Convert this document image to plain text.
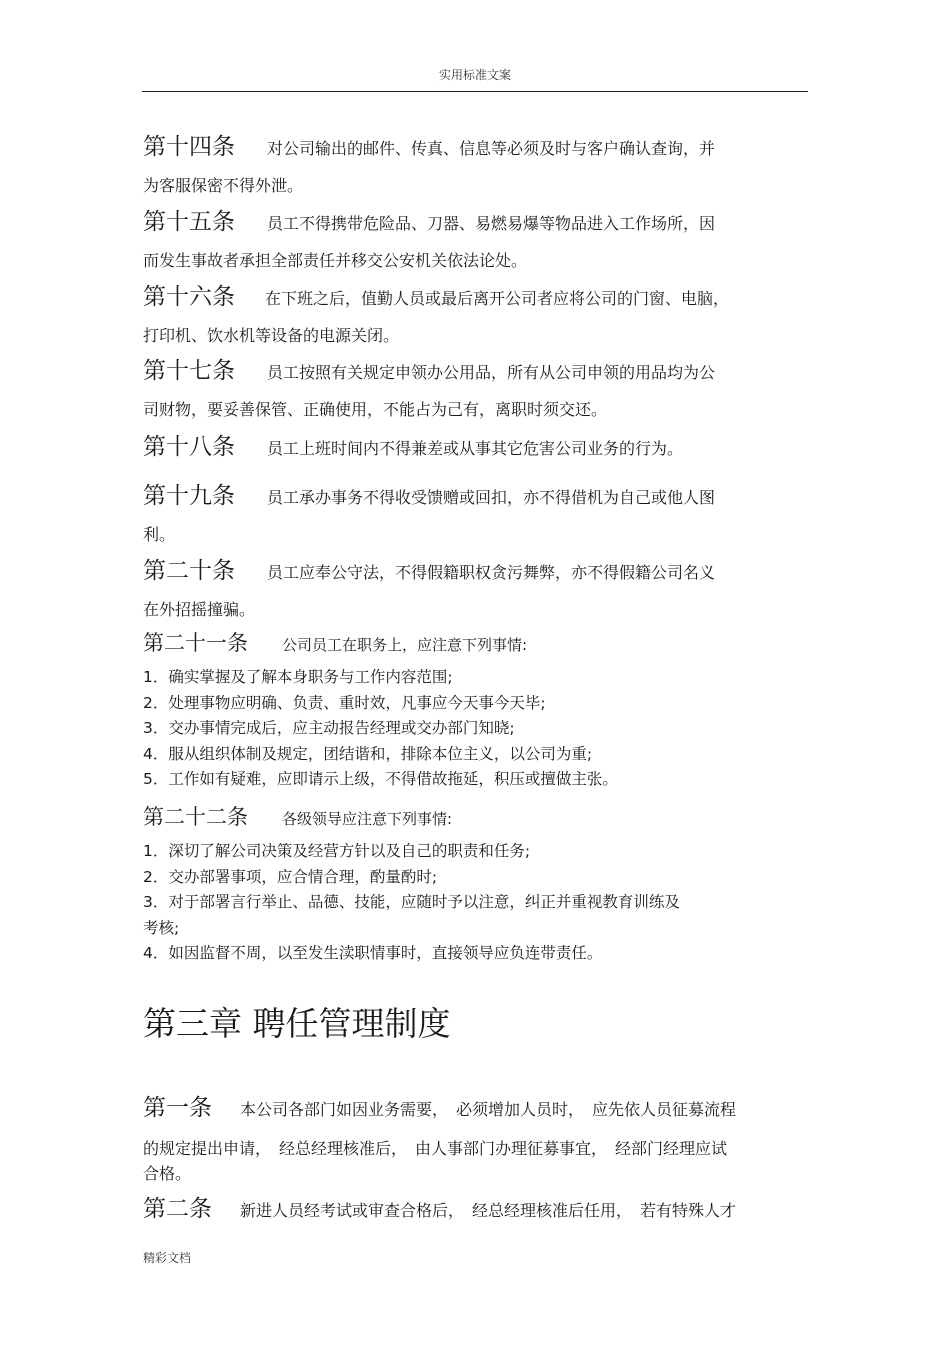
实用标准文案
第十四条 对公司输出的邮件、传真、信息等必须及时与客户确认查询，并
为客服保密不得外泄。
第十五条 员工不得携带危险品、刀器、易燃易爆等物品进入工作场所，因
而发生事故者承担全部责任并移交公安机关依法论处。
第十六条 在下班之后，值勤人员或最后离开公司者应将公司的门窗、电脑，
打印机、饮水机等设备的电源关闭。
第十七条 员工按照有关规定申领办公用品，所有从公司申领的用品均为公
司财物，要妥善保管、正确使用，不能占为己有，离职时须交还。
第十八条 员工上班时间内不得兼差或从事其它危害公司业务的行为。
第十九条 员工承办事务不得收受馈赠或回扣，亦不得借机为自己或他人图
利。
第二十条 员工应奉公守法，不得假籍职权贪污舞弊，亦不得假籍公司名义
在外招摇撞骗。
第二十一条 公司员工在职务上，应注意下列事情:
1．确实掌握及了解本身职务与工作内容范围;
2．处理事物应明确、负责、重时效，凡事应今天事今天毕;
3．交办事情完成后，应主动报告经理或交办部门知晓;
4．服从组织体制及规定，团结谐和，排除本位主义，以公司为重;
5．工作如有疑难，应即请示上级，不得借故拖延，积压或擅做主张。
第二十二条 各级领导应注意下列事情:
1．深切了解公司决策及经营方针以及自己的职责和任务;
2．交办部署事项，应合情合理，酌量酌时;
3．对于部署言行举止、品德、技能，应随时予以注意，纠正并重视教育训练及
考核;
4．如因监督不周，以至发生渎职情事时，直接领导应负连带责任。
第三章 聘任管理制度
第一条 本公司各部门如因业务需要，　必须增加人员时，　应先依人员征募流程
的规定提出申请，　经总经理核准后，　由人事部门办理征募事宜，　经部门经理应试
合格。
第二条 新进人员经考试或审查合格后，　经总经理核准后任用，　若有特殊人才
精彩文档
